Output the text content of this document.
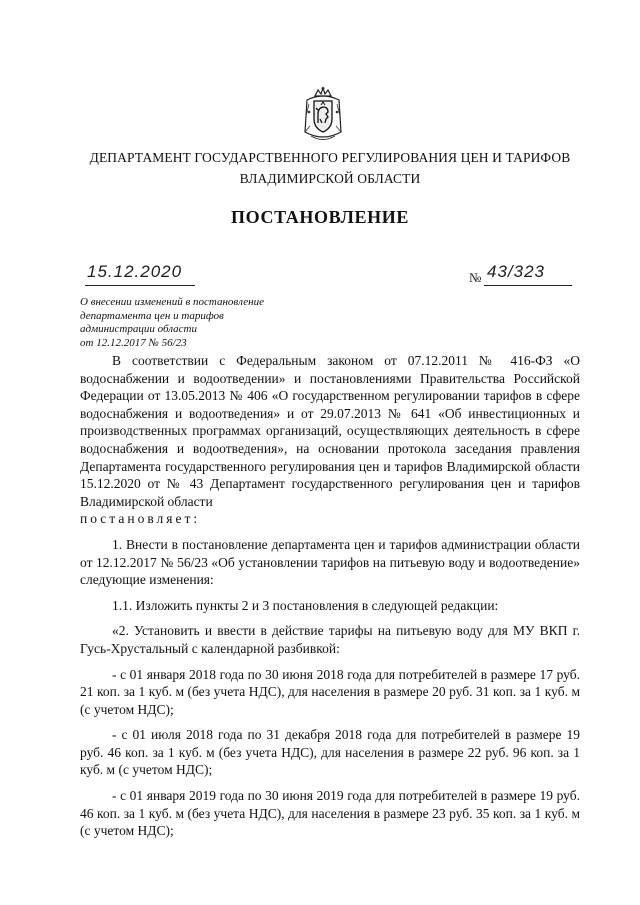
ДЕПАРТАМЕНТ ГОСУДАРСТВЕННОГО РЕГУЛИРОВАНИЯ ЦЕН И ТАРИФОВ
ВЛАДИМИРСКОЙ ОБЛАСТИ
ПОСТАНОВЛЕНИЕ
15.12.2020	№ 43/323
О внесении изменений в постановление
департамента цен и тарифов
администрации области
от 12.12.2017 № 56/23

В соответствии с Федеральным законом от 07.12.2011 № 416-ФЗ «О водоснабжении и водоотведении» и постановлениями Правительства Российской Федерации от 13.05.2013 № 406 «О государственном регулировании тарифов в сфере водоснабжения и водоотведения» и от 29.07.2013 № 641 «Об инвестиционных и производственных программах организаций, осуществляющих деятельность в сфере водоснабжения и водоотведения», на основании протокола заседания правления Департамента государственного регулирования цен и тарифов Владимирской области 15.12.2020 от № 43 Департамент государственного регулирования цен и тарифов Владимирской области

постановляет:

1. Внести в постановление департамента цен и тарифов администрации области от 12.12.2017 № 56/23 «Об установлении тарифов на питьевую воду и водоотведение» следующие изменения:

1.1. Изложить пункты 2 и 3 постановления в следующей редакции:

«2. Установить и ввести в действие тарифы на питьевую воду для МУ ВКП г. Гусь-Хрустальный с календарной разбивкой:

- с 01 января 2018 года по 30 июня 2018 года для потребителей в размере 17 руб. 21 коп. за 1 куб. м (без учета НДС), для населения в размере 20 руб. 31 коп. за 1 куб. м (с учетом НДС);

- с 01 июля 2018 года по 31 декабря 2018 года для потребителей в размере 19 руб. 46 коп. за 1 куб. м (без учета НДС), для населения в размере 22 руб. 96 коп. за 1 куб. м (с учетом НДС);

- с 01 января 2019 года по 30 июня 2019 года для потребителей в размере 19 руб. 46 коп. за 1 куб. м (без учета НДС), для населения в размере 23 руб. 35 коп. за 1 куб. м (с учетом НДС);
